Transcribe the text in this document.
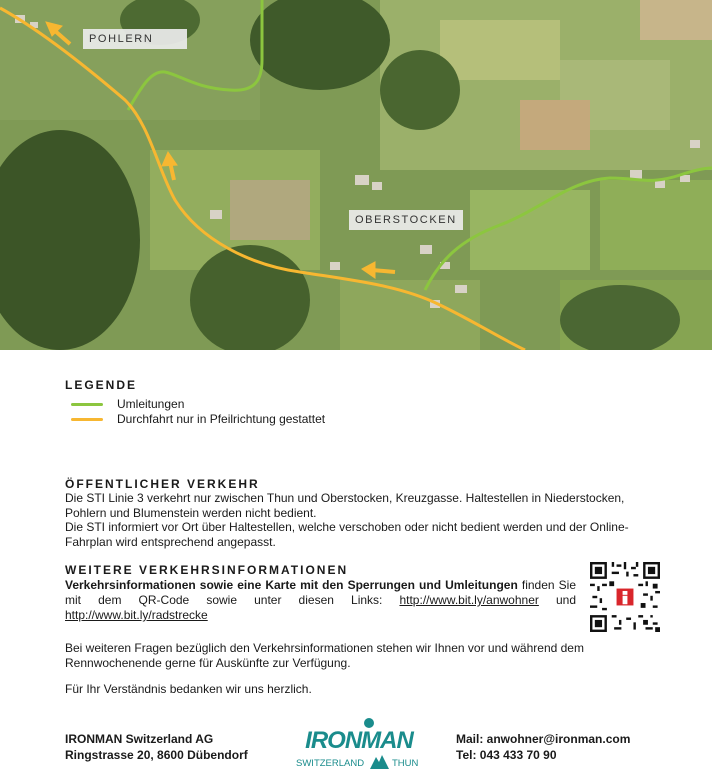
POHLERN
OBERSTOCKEN
LEGENDE
Umleitungen
Durchfahrt nur in Pfeilrichtung gestattet
ÖFFENTLICHER VERKEHR
Die STI Linie 3 verkehrt nur zwischen Thun und Oberstocken, Kreuzgasse. Haltestellen in Niederstocken, Pohlern und Blumenstein werden nicht bedient.
Die STI informiert vor Ort über Haltestellen, welche verschoben oder nicht bedient werden und der Online-Fahrplan wird entsprechend angepasst.
WEITERE VERKEHRSINFORMATIONEN
Verkehrsinformationen sowie eine Karte mit den Sperrungen und Umleitungen finden Sie mit dem QR-Code sowie unter diesen Links: http://www.bit.ly/anwohner und http://www.bit.ly/radstrecke
Bei weiteren Fragen bezüglich den Verkehrsinformationen stehen wir Ihnen vor und während dem Rennwochenende gerne für Auskünfte zur Verfügung.
Für Ihr Verständnis bedanken wir uns herzlich.
IRONMAN Switzerland AG
Ringstrasse 20, 8600 Dübendorf
IRONMAN
SWITZERLAND	THUN
Mail: anwohner@ironman.com
Tel: 043 433 70 90
